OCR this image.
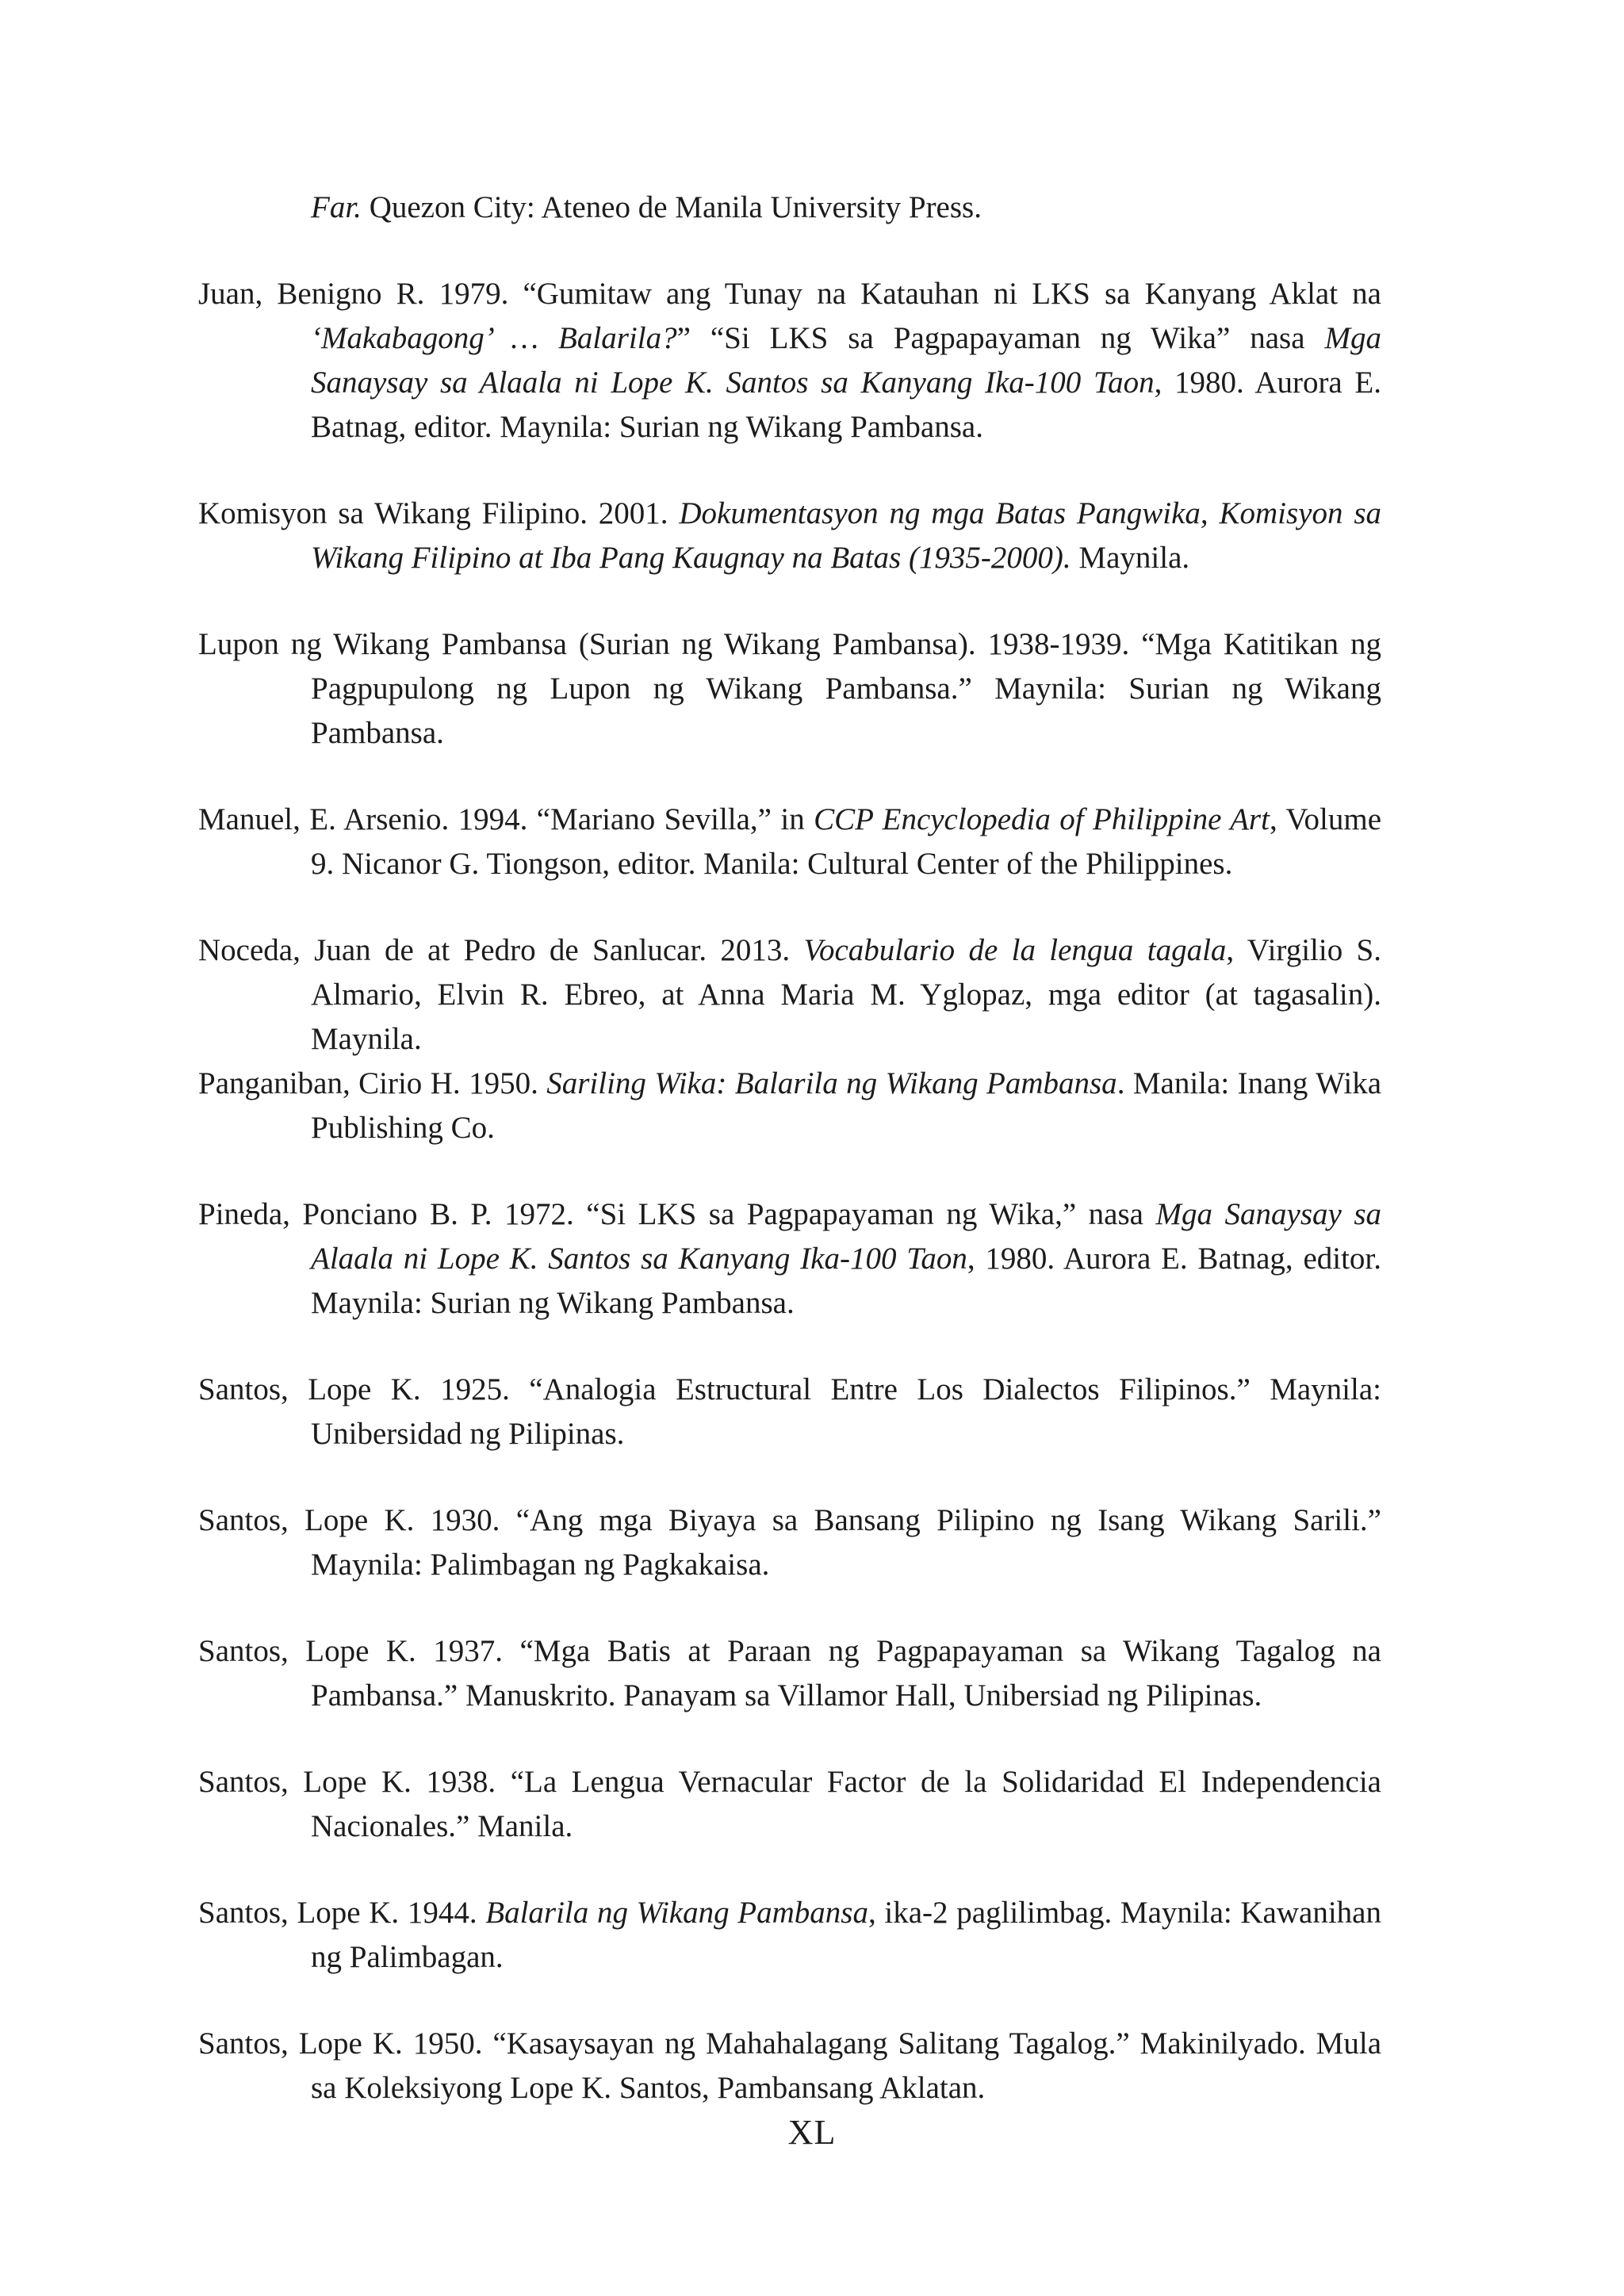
Far. Quezon City: Ateneo de Manila University Press.

Juan, Benigno R. 1979. “Gumitaw ang Tunay na Katauhan ni LKS sa Kanyang Aklat na ‘Makabagong’ … Balarila?” “Si LKS sa Pagpapayaman ng Wika” nasa Mga Sanaysay sa Alaala ni Lope K. Santos sa Kanyang Ika-100 Taon, 1980. Aurora E. Batnag, editor. Maynila: Surian ng Wikang Pambansa.

Komisyon sa Wikang Filipino. 2001. Dokumentasyon ng mga Batas Pangwika, Komisyon sa Wikang Filipino at Iba Pang Kaugnay na Batas (1935-2000). Maynila.

Lupon ng Wikang Pambansa (Surian ng Wikang Pambansa). 1938-1939. “Mga Katitikan ng Pagpupulong ng Lupon ng Wikang Pambansa.” Maynila: Surian ng Wikang Pambansa.

Manuel, E. Arsenio. 1994. “Mariano Sevilla,” in CCP Encyclopedia of Philippine Art, Volume 9. Nicanor G. Tiongson, editor. Manila: Cultural Center of the Philippines.

Noceda, Juan de at Pedro de Sanlucar. 2013. Vocabulario de la lengua tagala, Virgilio S. Almario, Elvin R. Ebreo, at Anna Maria M. Yglopaz, mga editor (at tagasalin). Maynila.

Panganiban, Cirio H. 1950. Sariling Wika: Balarila ng Wikang Pambansa. Manila: Inang Wika Publishing Co.

Pineda, Ponciano B. P. 1972. “Si LKS sa Pagpapayaman ng Wika,” nasa Mga Sanaysay sa Alaala ni Lope K. Santos sa Kanyang Ika-100 Taon, 1980. Aurora E. Batnag, editor. Maynila: Surian ng Wikang Pambansa.

Santos, Lope K. 1925. “Analogia Estructural Entre Los Dialectos Filipinos.” Maynila: Unibersidad ng Pilipinas.

Santos, Lope K. 1930. “Ang mga Biyaya sa Bansang Pilipino ng Isang Wikang Sarili.” Maynila: Palimbagan ng Pagkakaisa.

Santos, Lope K. 1937. “Mga Batis at Paraan ng Pagpapayaman sa Wikang Tagalog na Pambansa.” Manuskrito. Panayam sa Villamor Hall, Unibersiad ng Pilipinas.

Santos, Lope K. 1938. “La Lengua Vernacular Factor de la Solidaridad El Independencia Nacionales.” Manila.

Santos, Lope K. 1944. Balarila ng Wikang Pambansa, ika-2 paglilimbag. Maynila: Kawanihan ng Palimbagan.

Santos, Lope K. 1950. “Kasaysayan ng Mahahalagang Salitang Tagalog.” Makinilyado. Mula sa Koleksiyong Lope K. Santos, Pambansang Aklatan.

XL
